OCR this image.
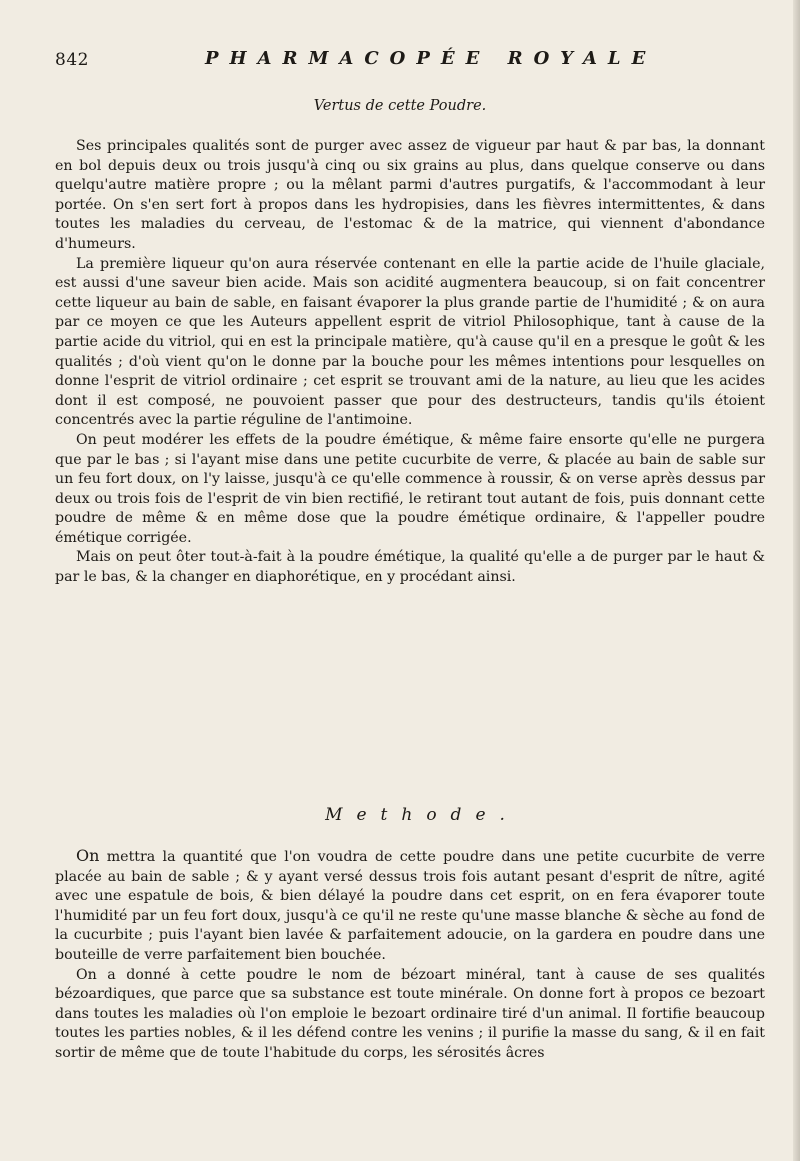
842	PHARMACOPÉE ROYALE
Vertus de cette Poudre.

Ses principales qualités sont de purger avec assez de vigueur par haut & par bas, la donnant en bol depuis deux ou trois jusqu'à cinq ou six grains au plus, dans quelque conserve ou dans quelqu'autre matière propre ; ou la mêlant parmi d'autres purgatifs, & l'accommodant à leur portée. On s'en sert fort à propos dans les hydropisies, dans les fièvres intermittentes, & dans toutes les maladies du cerveau, de l'estomac & de la matrice, qui viennent d'abondance d'humeurs.

La première liqueur qu'on aura réservée contenant en elle la partie acide de l'huile glaciale, est aussi d'une saveur bien acide. Mais son acidité augmentera beaucoup, si on fait concentrer cette liqueur au bain de sable, en faisant évaporer la plus grande partie de l'humidité ; & on aura par ce moyen ce que les Auteurs appellent esprit de vitriol Philosophique, tant à cause de la partie acide du vitriol, qui en est la principale matière, qu'à cause qu'il en a presque le goût & les qualités ; d'où vient qu'on le donne par la bouche pour les mêmes intentions pour lesquelles on donne l'esprit de vitriol ordinaire ; cet esprit se trouvant ami de la nature, au lieu que les acides dont il est composé, ne pouvoient passer que pour des destructeurs, tandis qu'ils étoient concentrés avec la partie réguline de l'antimoine.

On peut modérer les effets de la poudre émétique, & même faire ensorte qu'elle ne purgera que par le bas ; si l'ayant mise dans une petite cucurbite de verre, & placée au bain de sable sur un feu fort doux, on l'y laisse, jusqu'à ce qu'elle commence à roussir, & on verse après dessus par deux ou trois fois de l'esprit de vin bien rectifié, le retirant tout autant de fois, puis donnant cette poudre de même & en même dose que la poudre émétique ordinaire, & l'appeller poudre émétique corrigée.

Mais on peut ôter tout-à-fait à la poudre émétique, la qualité qu'elle a de purger par le haut & par le bas, & la changer en diaphorétique, en y procédant ainsi.

Methode.

On mettra la quantité que l'on voudra de cette poudre dans une petite cucurbite de verre placée au bain de sable ; & y ayant versé dessus trois fois autant pesant d'esprit de nître, agité avec une espatule de bois, & bien délayé la poudre dans cet esprit, on en fera évaporer toute l'humidité par un feu fort doux, jusqu'à ce qu'il ne reste qu'une masse blanche & sèche au fond de la cucurbite ; puis l'ayant bien lavée & parfaitement adoucie, on la gardera en poudre dans une bouteille de verre parfaitement bien bouchée.

On a donné à cette poudre le nom de bézoart minéral, tant à cause de ses qualités bézoardiques, que parce que sa substance est toute minérale. On donne fort à propos ce bezoart dans toutes les maladies où l'on emploie le bezoart ordinaire tiré d'un animal. Il fortifie beaucoup toutes les parties nobles, & il les défend contre les venins ; il purifie la masse du sang, & il en fait sortir de même que de toute l'habitude du corps, les sérosités âcres
